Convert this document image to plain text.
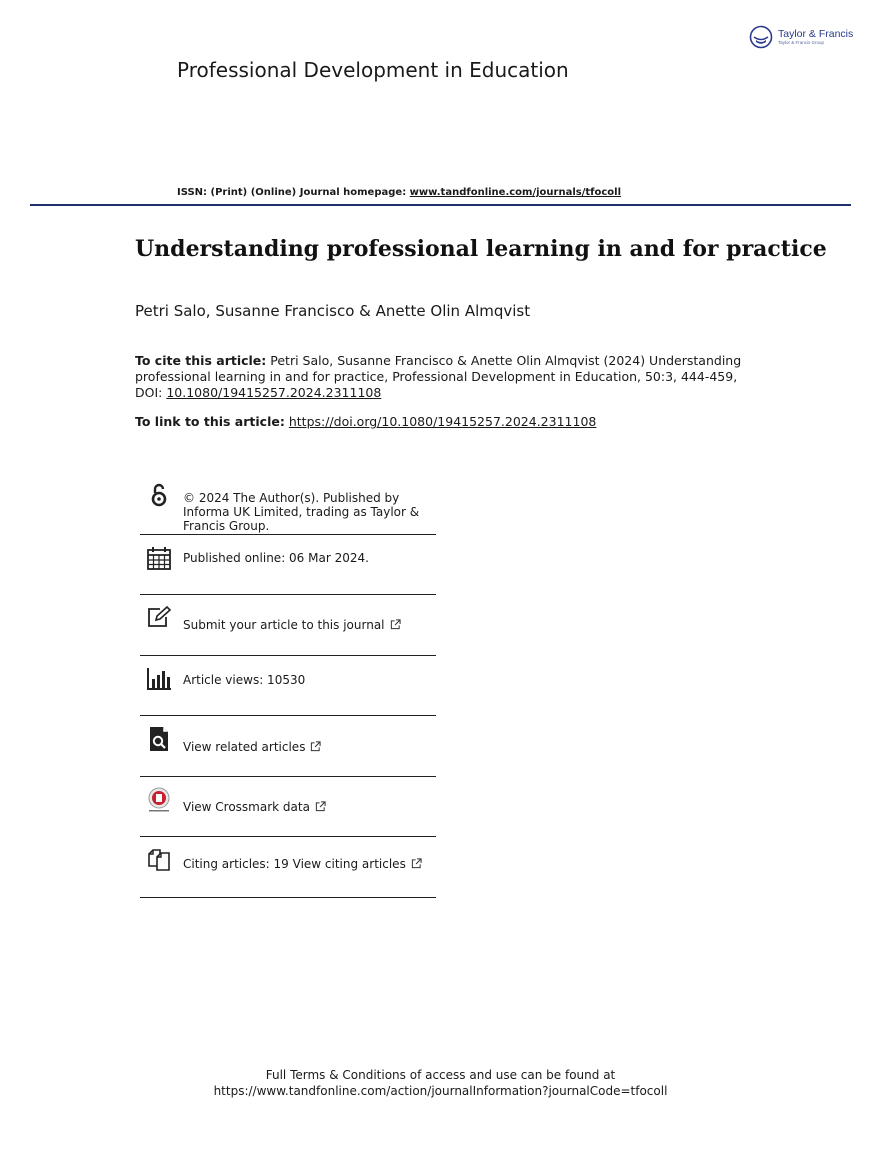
Taylor & Francis
Taylor & Francis Group
Professional Development in Education
ISSN: (Print) (Online) Journal homepage: www.tandfonline.com/journals/tfocoll
Understanding professional learning in and for practice
Petri Salo, Susanne Francisco & Anette Olin Almqvist
To cite this article: Petri Salo, Susanne Francisco & Anette Olin Almqvist (2024) Understanding professional learning in and for practice, Professional Development in Education, 50:3, 444-459, DOI: 10.1080/19415257.2024.2311108
To link to this article: https://doi.org/10.1080/19415257.2024.2311108
© 2024 The Author(s). Published by Informa UK Limited, trading as Taylor & Francis Group.
Published online: 06 Mar 2024.
Submit your article to this journal
Article views: 10530
View related articles
View Crossmark data
Citing articles: 19 View citing articles
Full Terms & Conditions of access and use can be found at
https://www.tandfonline.com/action/journalInformation?journalCode=tfocoll
